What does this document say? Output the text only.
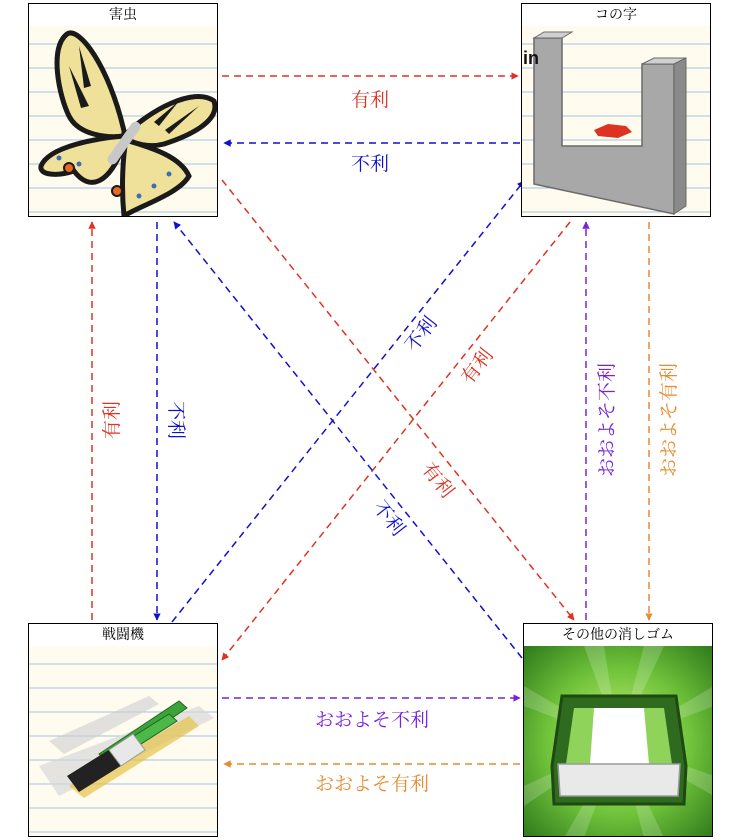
有利
不利
有利 不利
不利
有利
有利
不利
おおよそ不利 おおよそ有利
おおよそ不利
おおよそ有利
害虫	コの字
in
戦闘機	その他の消しゴム
